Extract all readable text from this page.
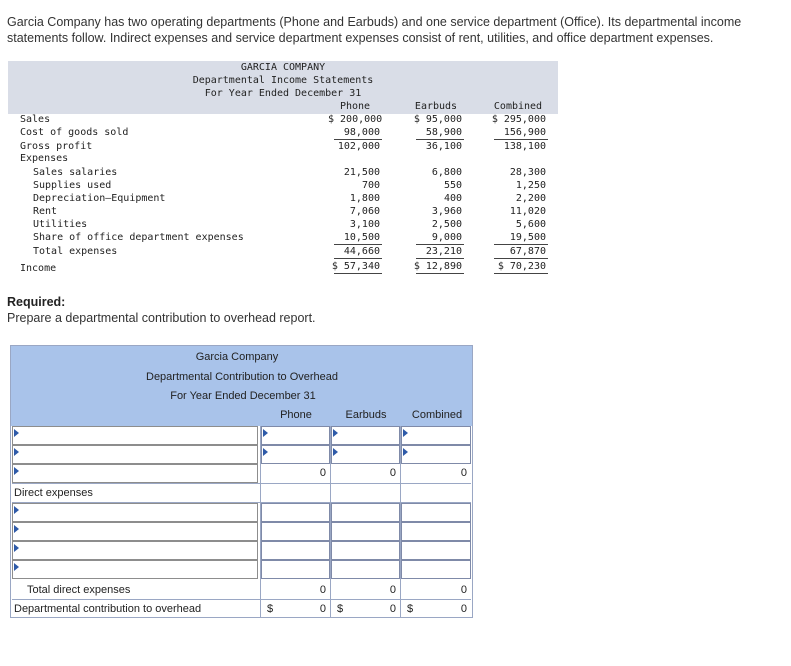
Garcia Company has two operating departments (Phone and Earbuds) and one service department (Office). Its departmental income statements follow. Indirect expenses and service department expenses consist of rent, utilities, and office department expenses.
GARCIA COMPANY
Departmental Income Statements
For Year Ended December 31
Phone	Earbuds	Combined
Sales	$ 200,000	$ 95,000	$ 295,000
Cost of goods sold	98,000	58,900	156,900
Gross profit	102,000	36,100	138,100
Expenses
Sales salaries	21,500	6,800	28,300
Supplies used	700	550	1,250
Depreciation—Equipment	1,800	400	2,200
Rent	7,060	3,960	11,020
Utilities	3,100	2,500	5,600
Share of office department expenses	10,500	9,000	19,500
Total expenses	44,660	23,210	67,870
Income	$ 57,340	$ 12,890	$ 70,230
Required:
Prepare a departmental contribution to overhead report.
Garcia Company
Departmental Contribution to Overhead
For Year Ended December 31
Phone	Earbuds	Combined
0	0	0
Direct expenses
Total direct expenses	0	0	0
Departmental contribution to overhead	$	0 $	0 $	0
